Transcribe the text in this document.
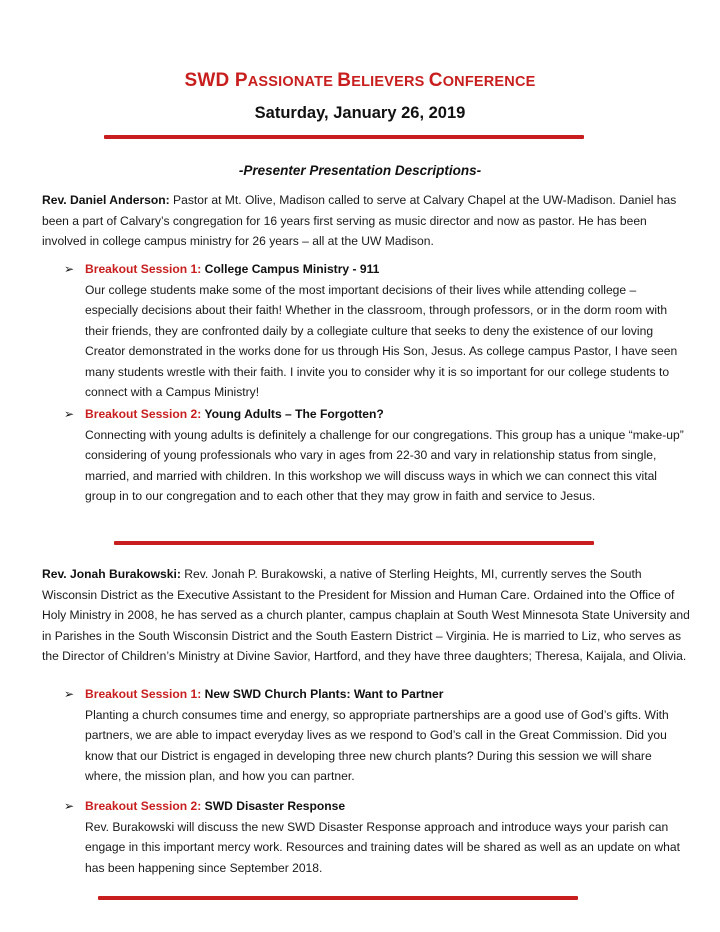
SWD PASSIONATE BELIEVERS CONFERENCE
Saturday, January 26, 2019
-Presenter Presentation Descriptions-
Rev. Daniel Anderson: Pastor at Mt. Olive, Madison called to serve at Calvary Chapel at the UW-Madison. Daniel has been a part of Calvary’s congregation for 16 years first serving as music director and now as pastor. He has been involved in college campus ministry for 26 years – all at the UW Madison.
➢ Breakout Session 1: College Campus Ministry - 911
Our college students make some of the most important decisions of their lives while attending college – especially decisions about their faith! Whether in the classroom, through professors, or in the dorm room with their friends, they are confronted daily by a collegiate culture that seeks to deny the existence of our loving Creator demonstrated in the works done for us through His Son, Jesus. As college campus Pastor, I have seen many students wrestle with their faith. I invite you to consider why it is so important for our college students to connect with a Campus Ministry!
➢ Breakout Session 2: Young Adults – The Forgotten?
Connecting with young adults is definitely a challenge for our congregations. This group has a unique “make-up” considering of young professionals who vary in ages from 22-30 and vary in relationship status from single, married, and married with children. In this workshop we will discuss ways in which we can connect this vital group in to our congregation and to each other that they may grow in faith and service to Jesus.
Rev. Jonah Burakowski: Rev. Jonah P. Burakowski, a native of Sterling Heights, MI, currently serves the South Wisconsin District as the Executive Assistant to the President for Mission and Human Care. Ordained into the Office of Holy Ministry in 2008, he has served as a church planter, campus chaplain at South West Minnesota State University and in Parishes in the South Wisconsin District and the South Eastern District – Virginia. He is married to Liz, who serves as the Director of Children’s Ministry at Divine Savior, Hartford, and they have three daughters; Theresa, Kaijala, and Olivia.
➢ Breakout Session 1: New SWD Church Plants: Want to Partner
Planting a church consumes time and energy, so appropriate partnerships are a good use of God’s gifts. With partners, we are able to impact everyday lives as we respond to God’s call in the Great Commission. Did you know that our District is engaged in developing three new church plants? During this session we will share where, the mission plan, and how you can partner.
➢ Breakout Session 2: SWD Disaster Response
Rev. Burakowski will discuss the new SWD Disaster Response approach and introduce ways your parish can engage in this important mercy work. Resources and training dates will be shared as well as an update on what has been happening since September 2018.
